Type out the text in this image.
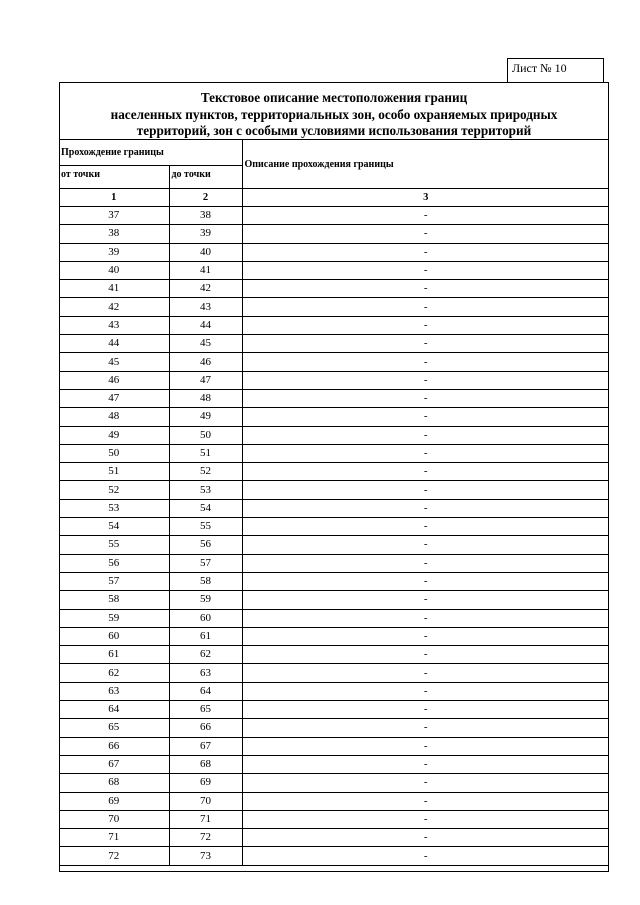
Лист № 10
Текстовое описание местоположения границ
населенных пунктов, территориальных зон, особо охраняемых природных
территорий, зон с особыми условиями использования территорий
Прохождение границы		Описание прохождения границы
от точки	до точки	
1	2	3
37	38	-
38	39	-
39	40	-
40	41	-
41	42	-
42	43	-
43	44	-
44	45	-
45	46	-
46	47	-
47	48	-
48	49	-
49	50	-
50	51	-
51	52	-
52	53	-
53	54	-
54	55	-
55	56	-
56	57	-
57	58	-
58	59	-
59	60	-
60	61	-
61	62	-
62	63	-
63	64	-
64	65	-
65	66	-
66	67	-
67	68	-
68	69	-
69	70	-
70	71	-
71	72	-
72	73	-
